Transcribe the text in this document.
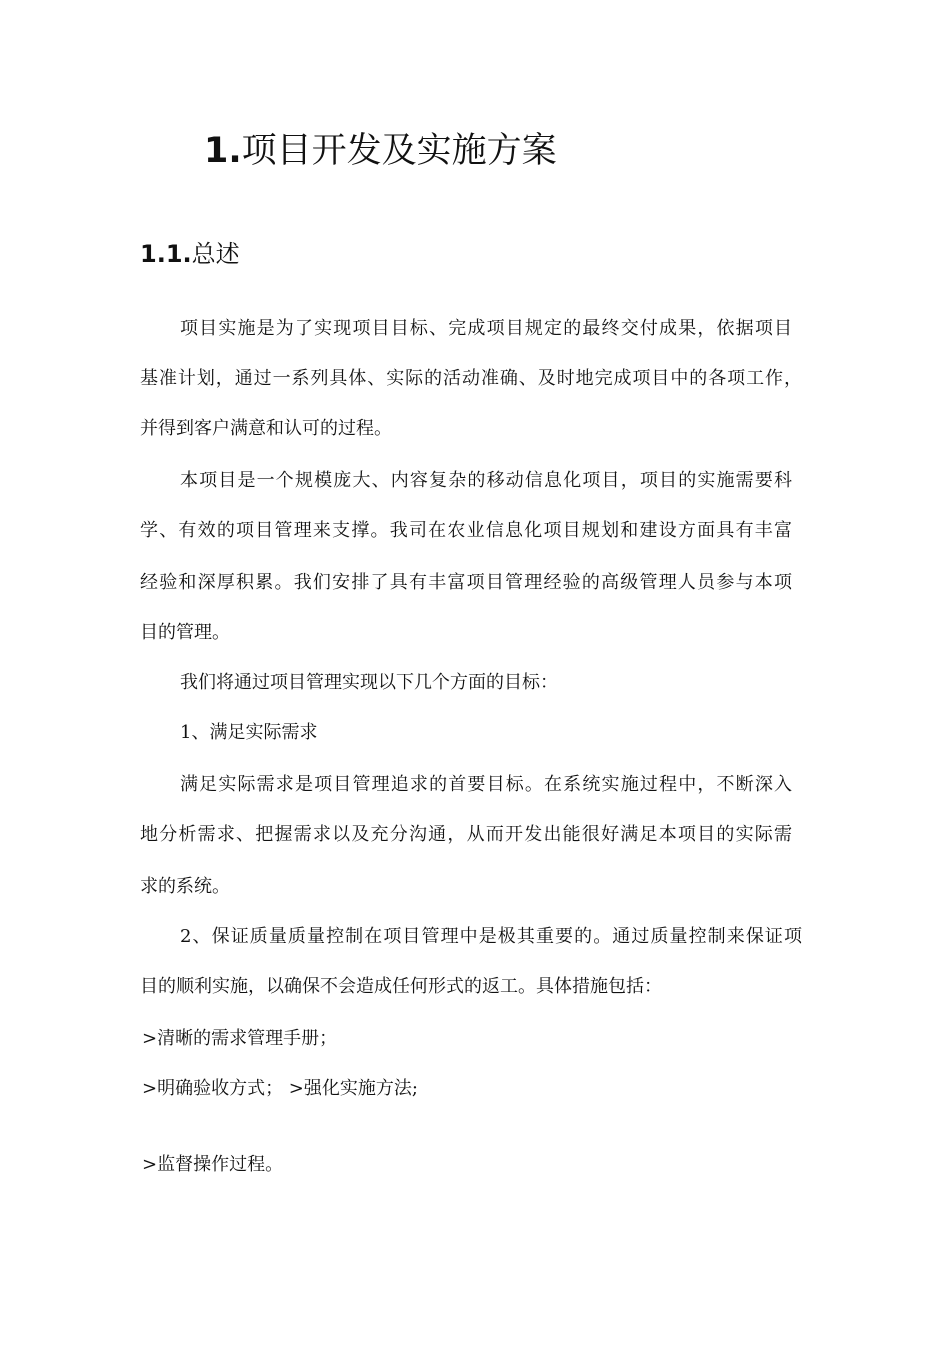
1.项目开发及实施方案
1.1.总述
项目实施是为了实现项目目标、完成项目规定的最终交付成果，依据项目
基准计划，通过一系列具体、实际的活动准确、及时地完成项目中的各项工作，
并得到客户满意和认可的过程。
本项目是一个规模庞大、内容复杂的移动信息化项目，项目的实施需要科
学、有效的项目管理来支撑。我司在农业信息化项目规划和建设方面具有丰富
经验和深厚积累。我们安排了具有丰富项目管理经验的高级管理人员参与本项
目的管理。
我们将通过项目管理实现以下几个方面的目标：
1、满足实际需求
满足实际需求是项目管理追求的首要目标。在系统实施过程中，不断深入
地分析需求、把握需求以及充分沟通，从而开发出能很好满足本项目的实际需
求的系统。
2、保证质量质量控制在项目管理中是极其重要的。通过质量控制来保证项
目的顺利实施，以确保不会造成任何形式的返工。具体措施包括：
>清晰的需求管理手册；
>明确验收方式； >强化实施方法;
>监督操作过程。
